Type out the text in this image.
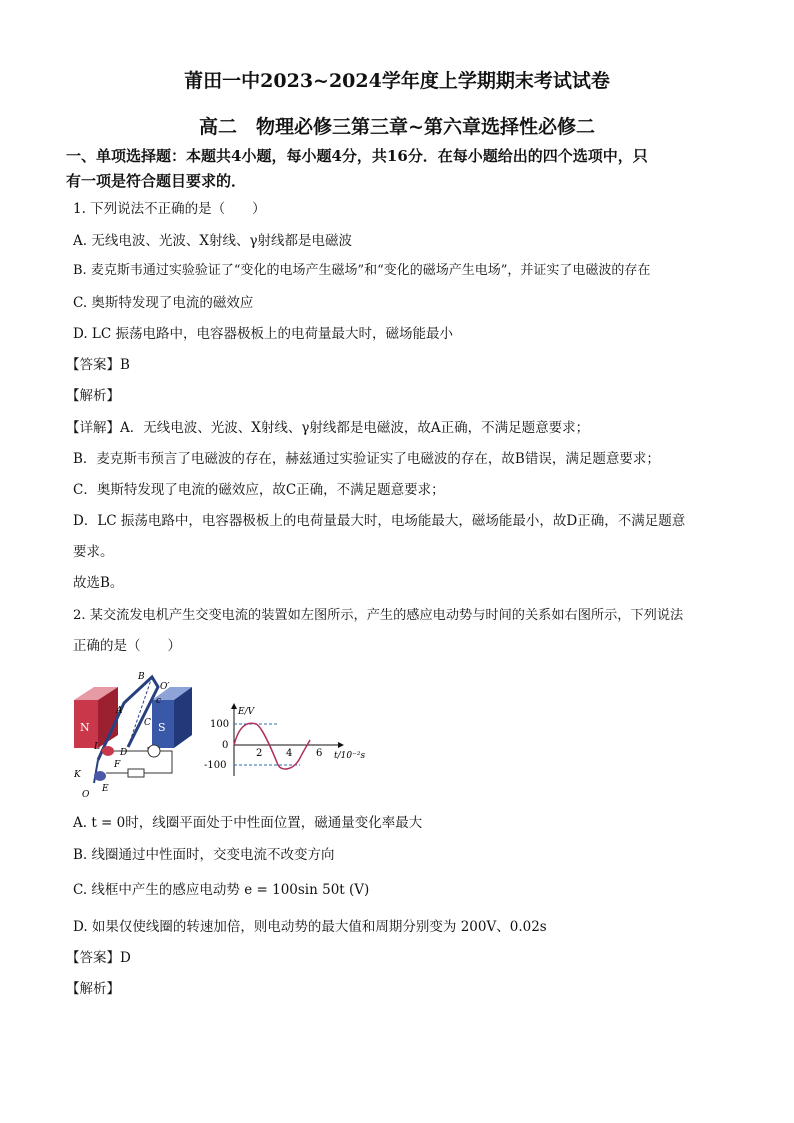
莆田一中2023~2024学年度上学期期末考试试卷
高二　物理必修三第三章~第六章选择性必修二
一、单项选择题：本题共4小题，每小题4分，共16分．在每小题给出的四个选项中，只
有一项是符合题目要求的．
1. 下列说法不正确的是（　　）
A. 无线电波、光波、X射线、γ射线都是电磁波
B. 麦克斯韦通过实验验证了“变化的电场产生磁场”和“变化的磁场产生电场”，并证实了电磁波的存在
C. 奥斯特发现了电流的磁效应
D. LC 振荡电路中，电容器极板上的电荷量最大时，磁场能最小
【答案】B
【解析】
【详解】A．无线电波、光波、X射线、γ射线都是电磁波，故A正确，不满足题意要求；
B．麦克斯韦预言了电磁波的存在，赫兹通过实验证实了电磁波的存在，故B错误，满足题意要求；
C．奥斯特发现了电流的磁效应，故C正确，不满足题意要求；
D．LC 振荡电路中，电容器极板上的电荷量最大时，电场能最大，磁场能最小，故D正确，不满足题意
要求。
故选B。
2. 某交流发电机产生交变电流的装置如左图所示，产生的感应电动势与时间的关系如右图所示，下列说法
正确的是（　　）
N	S
B
O′
A
C
c
D
F
K
E
O
L
E/V
100
0
-100
2 4 6 t/10⁻²s
A. t = 0时，线圈平面处于中性面位置，磁通量变化率最大
B. 线圈通过中性面时，交变电流不改变方向
C. 线框中产生的感应电动势 e = 100sin 50t (V)
D. 如果仅使线圈的转速加倍，则电动势的最大值和周期分别变为 200V、0.02s
【答案】D
【解析】
